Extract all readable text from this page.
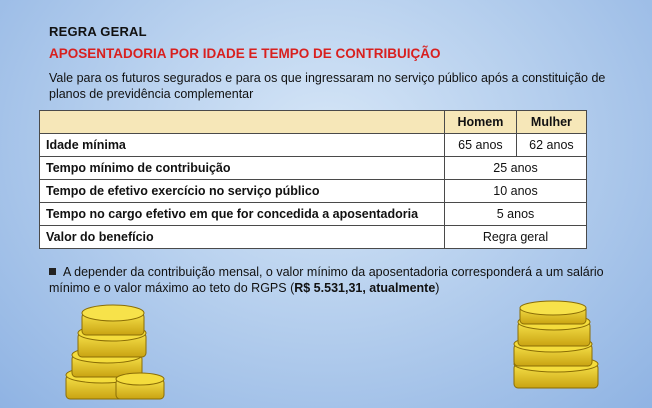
REGRA GERAL
APOSENTADORIA POR IDADE E TEMPO DE CONTRIBUIÇÃO
Vale para os futuros segurados e para os que ingressaram no serviço público após a constituição de planos de previdência complementar
	Homem	Mulher
Idade mínima	65 anos	62 anos
Tempo mínimo de contribuição	25 anos	
Tempo de efetivo exercício no serviço público	10 anos	
Tempo no cargo efetivo em que for concedida a aposentadoria	5 anos	
Valor do benefício	Regra geral	
A depender da contribuição mensal, o valor mínimo da aposentadoria corresponderá a um salário mínimo e o valor máximo ao teto do RGPS (R$ 5.531,31, atualmente)
